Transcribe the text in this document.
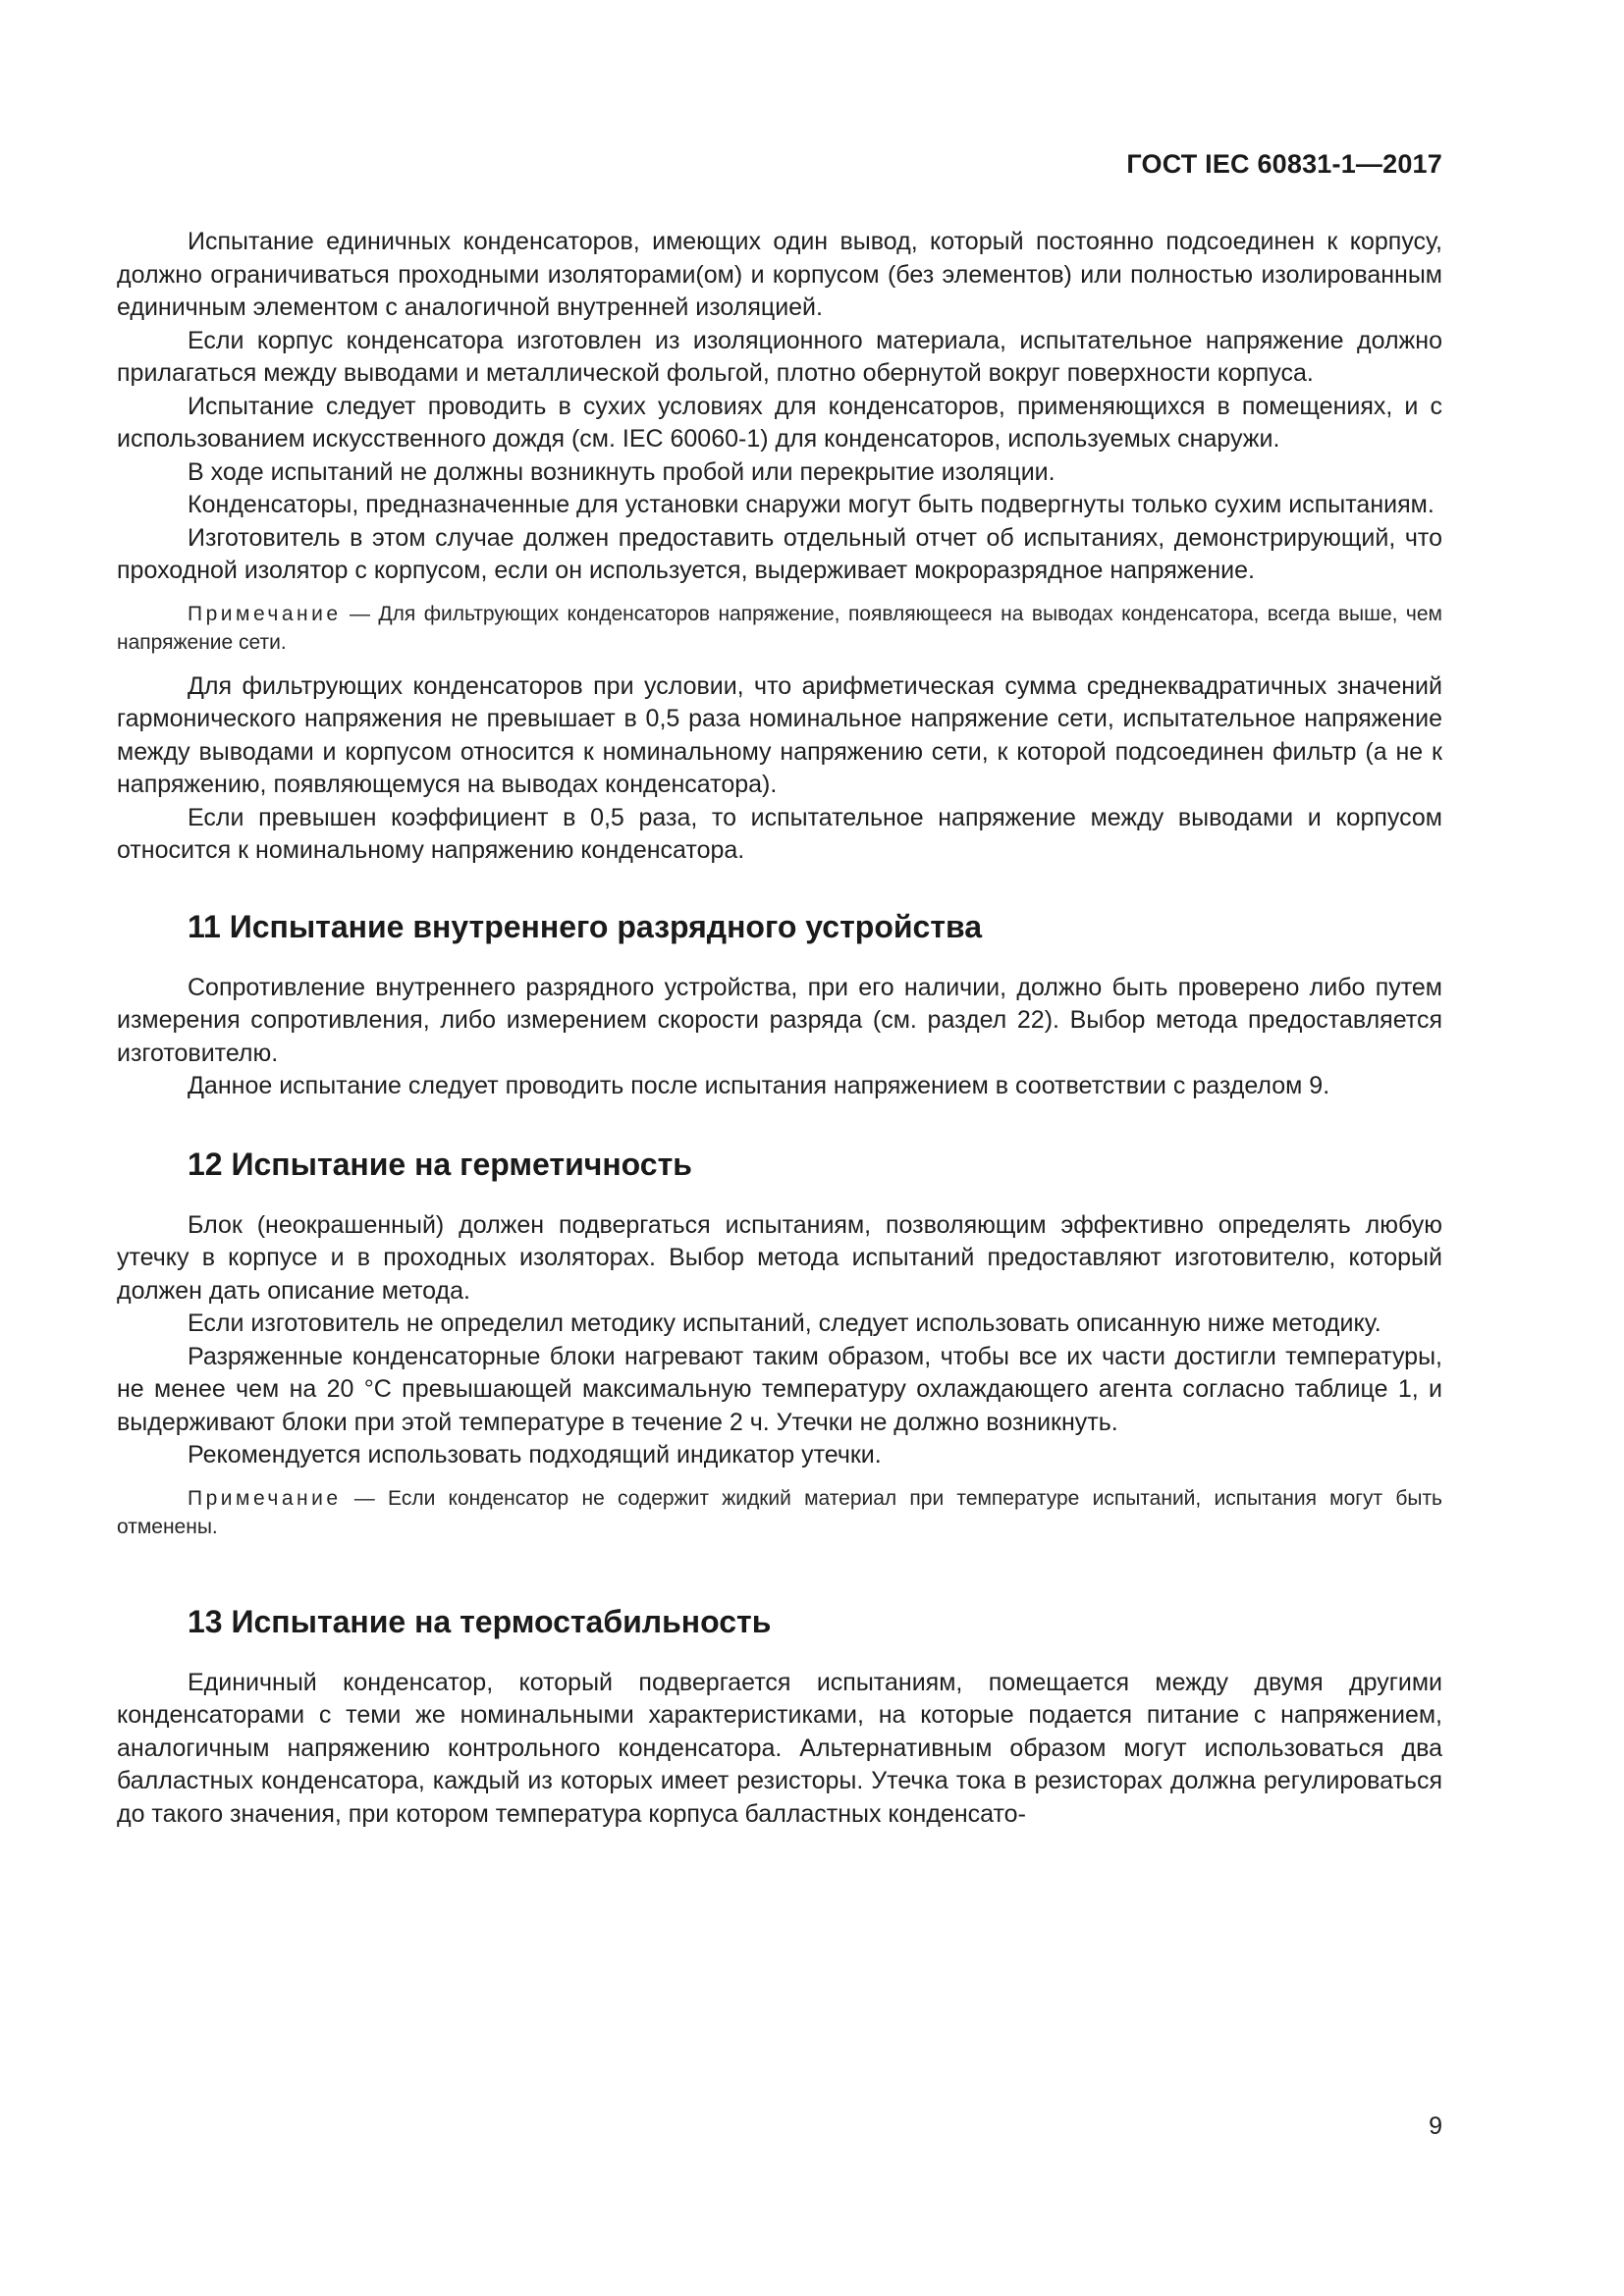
ГОСТ IEC 60831-1—2017

Испытание единичных конденсаторов, имеющих один вывод, который постоянно подсоединен к корпусу, должно ограничиваться проходными изоляторами(ом) и корпусом (без элементов) или полностью изолированным единичным элементом с аналогичной внутренней изоляцией.

Если корпус конденсатора изготовлен из изоляционного материала, испытательное напряжение должно прилагаться между выводами и металлической фольгой, плотно обернутой вокруг поверхности корпуса.

Испытание следует проводить в сухих условиях для конденсаторов, применяющихся в помещениях, и с использованием искусственного дождя (см. IEC 60060-1) для конденсаторов, используемых снаружи.

В ходе испытаний не должны возникнуть пробой или перекрытие изоляции.

Конденсаторы, предназначенные для установки снаружи могут быть подвергнуты только сухим испытаниям.

Изготовитель в этом случае должен предоставить отдельный отчет об испытаниях, демонстрирующий, что проходной изолятор с корпусом, если он используется, выдерживает мокроразрядное напряжение.

Примечание — Для фильтрующих конденсаторов напряжение, появляющееся на выводах конденсатора, всегда выше, чем напряжение сети.

Для фильтрующих конденсаторов при условии, что арифметическая сумма среднеквадратичных значений гармонического напряжения не превышает в 0,5 раза номинальное напряжение сети, испытательное напряжение между выводами и корпусом относится к номинальному напряжению сети, к которой подсоединен фильтр (а не к напряжению, появляющемуся на выводах конденсатора).

Если превышен коэффициент в 0,5 раза, то испытательное напряжение между выводами и корпусом относится к номинальному напряжению конденсатора.

11 Испытание внутреннего разрядного устройства

Сопротивление внутреннего разрядного устройства, при его наличии, должно быть проверено либо путем измерения сопротивления, либо измерением скорости разряда (см. раздел 22). Выбор метода предоставляется изготовителю.

Данное испытание следует проводить после испытания напряжением в соответствии с разделом 9.

12 Испытание на герметичность

Блок (неокрашенный) должен подвергаться испытаниям, позволяющим эффективно определять любую утечку в корпусе и в проходных изоляторах. Выбор метода испытаний предоставляют изготовителю, который должен дать описание метода.

Если изготовитель не определил методику испытаний, следует использовать описанную ниже методику.

Разряженные конденсаторные блоки нагревают таким образом, чтобы все их части достигли температуры, не менее чем на 20 °С превышающей максимальную температуру охлаждающего агента согласно таблице 1, и выдерживают блоки при этой температуре в течение 2 ч. Утечки не должно возникнуть.

Рекомендуется использовать подходящий индикатор утечки.

Примечание — Если конденсатор не содержит жидкий материал при температуре испытаний, испытания могут быть отменены.

13 Испытание на термостабильность

Единичный конденсатор, который подвергается испытаниям, помещается между двумя другими конденсаторами с теми же номинальными характеристиками, на которые подается питание с напряжением, аналогичным напряжению контрольного конденсатора. Альтернативным образом могут использоваться два балластных конденсатора, каждый из которых имеет резисторы. Утечка тока в резисторах должна регулироваться до такого значения, при котором температура корпуса балластных конденсато-

9
